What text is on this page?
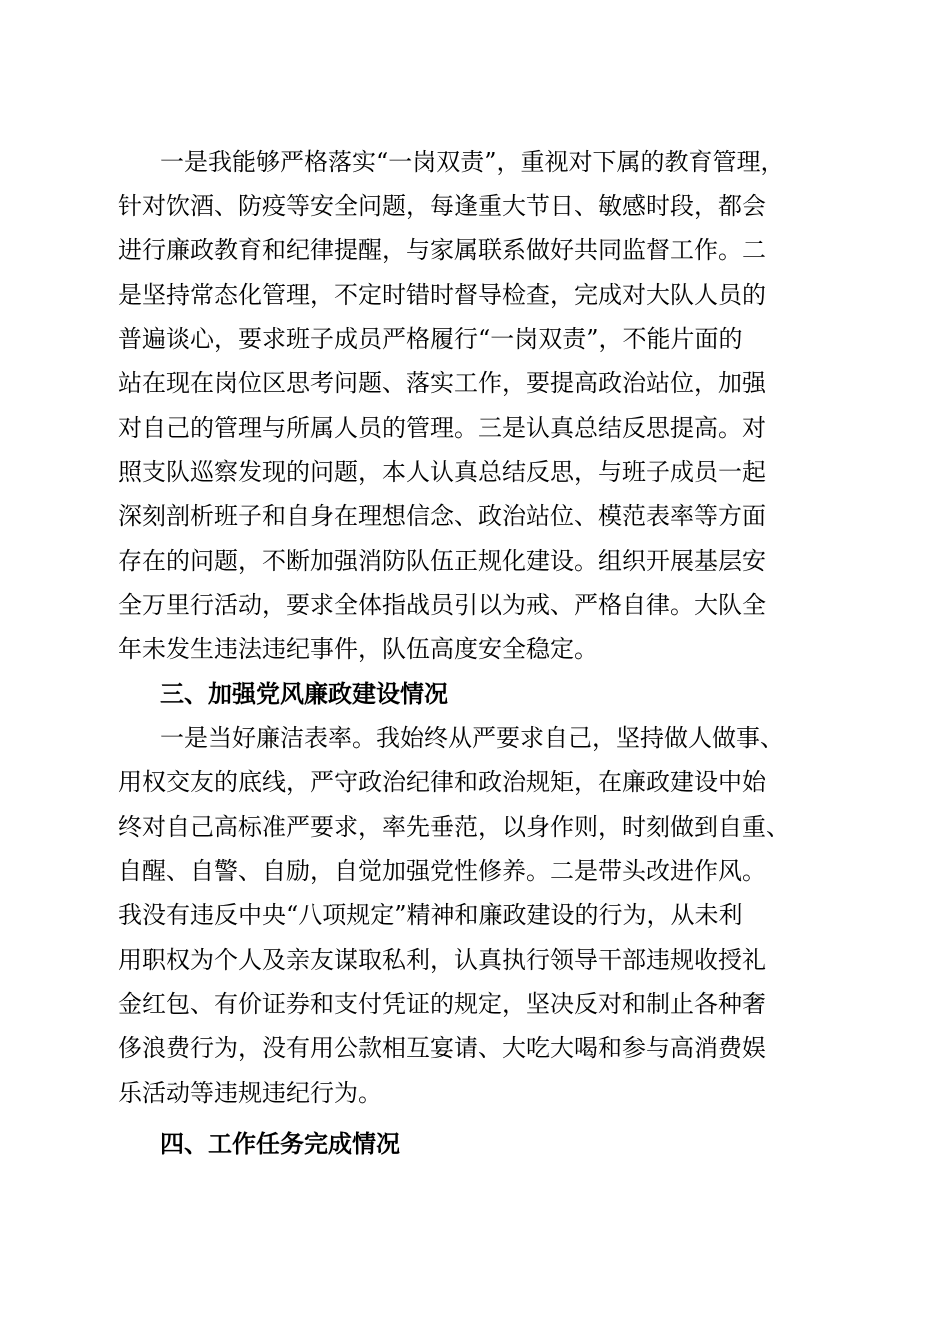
一是我能够严格落实“一岗双责”，重视对下属的教育管理，
针对饮酒、防疫等安全问题，每逢重大节日、敏感时段，都会
进行廉政教育和纪律提醒，与家属联系做好共同监督工作。二
是坚持常态化管理，不定时错时督导检查，完成对大队人员的
普遍谈心，要求班子成员严格履行“一岗双责”，不能片面的
站在现在岗位区思考问题、落实工作，要提高政治站位，加强
对自己的管理与所属人员的管理。三是认真总结反思提高。对
照支队巡察发现的问题，本人认真总结反思，与班子成员一起
深刻剖析班子和自身在理想信念、政治站位、模范表率等方面
存在的问题，不断加强消防队伍正规化建设。组织开展基层安
全万里行活动，要求全体指战员引以为戒、严格自律。大队全
年未发生违法违纪事件，队伍高度安全稳定。
三、加强党风廉政建设情况
一是当好廉洁表率。我始终从严要求自己，坚持做人做事、
用权交友的底线，严守政治纪律和政治规矩，在廉政建设中始
终对自己高标准严要求，率先垂范，以身作则，时刻做到自重、
自醒、自警、自励，自觉加强党性修养。二是带头改进作风。
我没有违反中央“八项规定”精神和廉政建设的行为，从未利
用职权为个人及亲友谋取私利，认真执行领导干部违规收授礼
金红包、有价证券和支付凭证的规定，坚决反对和制止各种奢
侈浪费行为，没有用公款相互宴请、大吃大喝和参与高消费娱
乐活动等违规违纪行为。
四、工作任务完成情况
